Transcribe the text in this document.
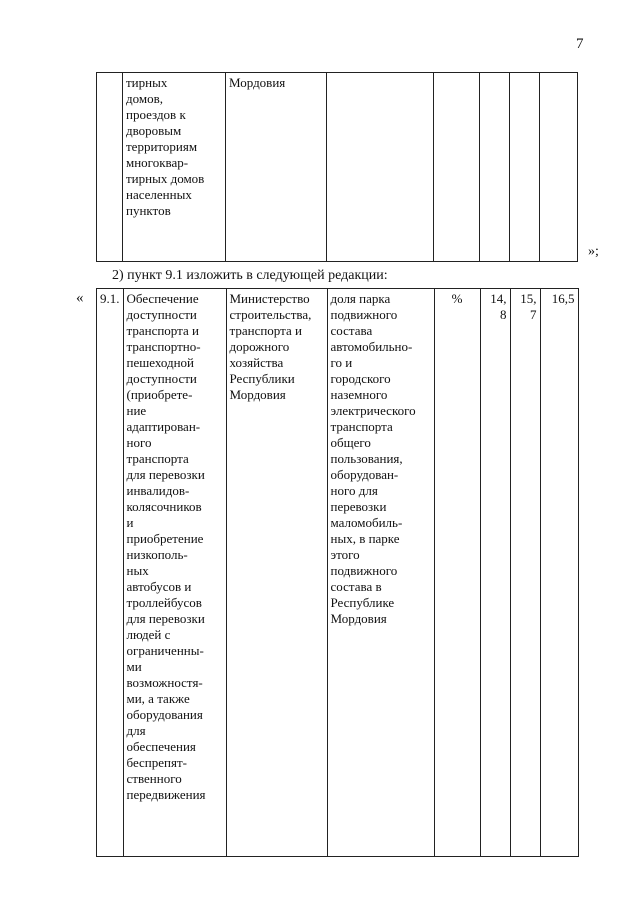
7
	тирных
домов,
проездов к
дворовым
территориям
многоквар-
тирных домов
населенных
пунктов	Мордовия					
»;
2) пункт 9.1 изложить в следующей редакции:
« 9.1.	Обеспечение
доступности
транспорта и
транспортно-
пешеходной
доступности
(приобрете-
ние
адаптирован-
ного
транспорта
для перевозки
инвалидов-
колясочников
и
приобретение
низкополь-
ных
автобусов и
троллейбусов
для перевозки
людей с
ограниченны-
ми
возможностя-
ми, а также
оборудования
для
обеспечения
беспрепят-
ственного
передвижения	Министерство
строительства,
транспорта и
дорожного
хозяйства
Республики
Мордовия	доля парка
подвижного
состава
автомобильно-
го и
городского
наземного
электрического
транспорта
общего
пользования,
оборудован-
ного для
перевозки
маломобиль-
ных, в парке
этого
подвижного
состава в
Республике
Мордовия	%	14,
8	15,
7	16,5
